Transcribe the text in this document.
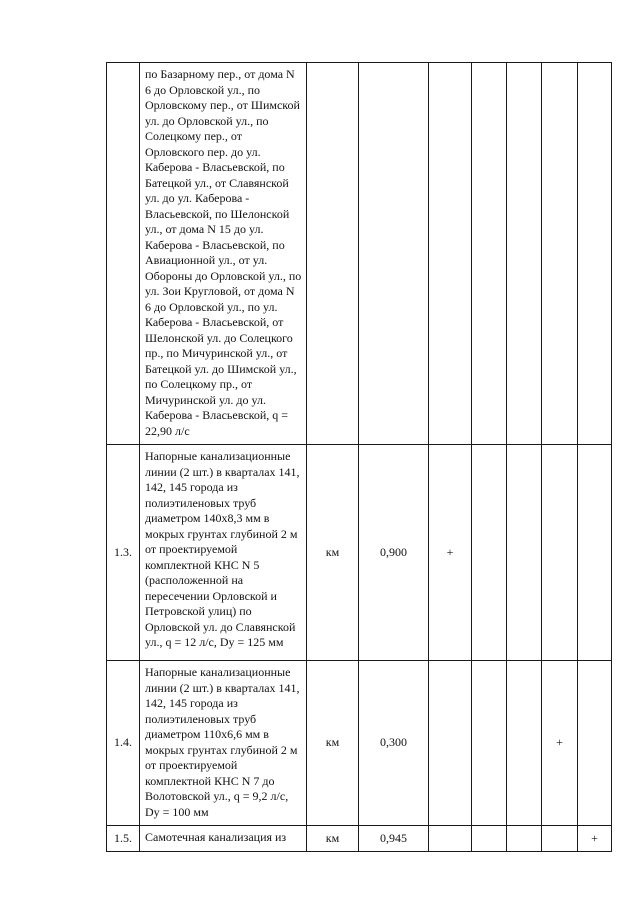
	по Базарному пер., от дома N 6 до Орловской ул., по Орловскому пер., от Шимской ул. до Орловской ул., по Солецкому пер., от Орловского пер. до ул. Каберова - Власьевской, по Батецкой ул., от Славянской ул. до ул. Каберова - Власьевской, по Шелонской ул., от дома N 15 до ул. Каберова - Власьевской, по Авиационной ул., от ул. Обороны до Орловской ул., по ул. Зои Кругловой, от дома N 6 до Орловской ул., по ул. Каберова - Власьевской, от Шелонской ул. до Солецкого пр., по Мичуринской ул., от Батецкой ул. до Шимской ул., по Солецкому пр., от Мичуринской ул. до ул. Каберова - Власьевской, q = 22,90 л/с							
1.3.	Напорные канализационные линии (2 шт.) в кварталах 141, 142, 145 города из полиэтиленовых труб диаметром 140х8,3 мм в мокрых грунтах глубиной 2 м от проектируемой комплектной КНС N 5 (расположенной на пересечении Орловской и Петровской улиц) по Орловской ул. до Славянской ул., q = 12 л/с, Dy = 125 мм	км	0,900	+				
1.4.	Напорные канализационные линии (2 шт.) в кварталах 141, 142, 145 города из полиэтиленовых труб диаметром 110х6,6 мм в мокрых грунтах глубиной 2 м от проектируемой комплектной КНС N 7 до Волотовской ул., q = 9,2 л/с, Dy = 100 мм	км	0,300				+	
1.5.	Самотечная канализация из	км	0,945					+
